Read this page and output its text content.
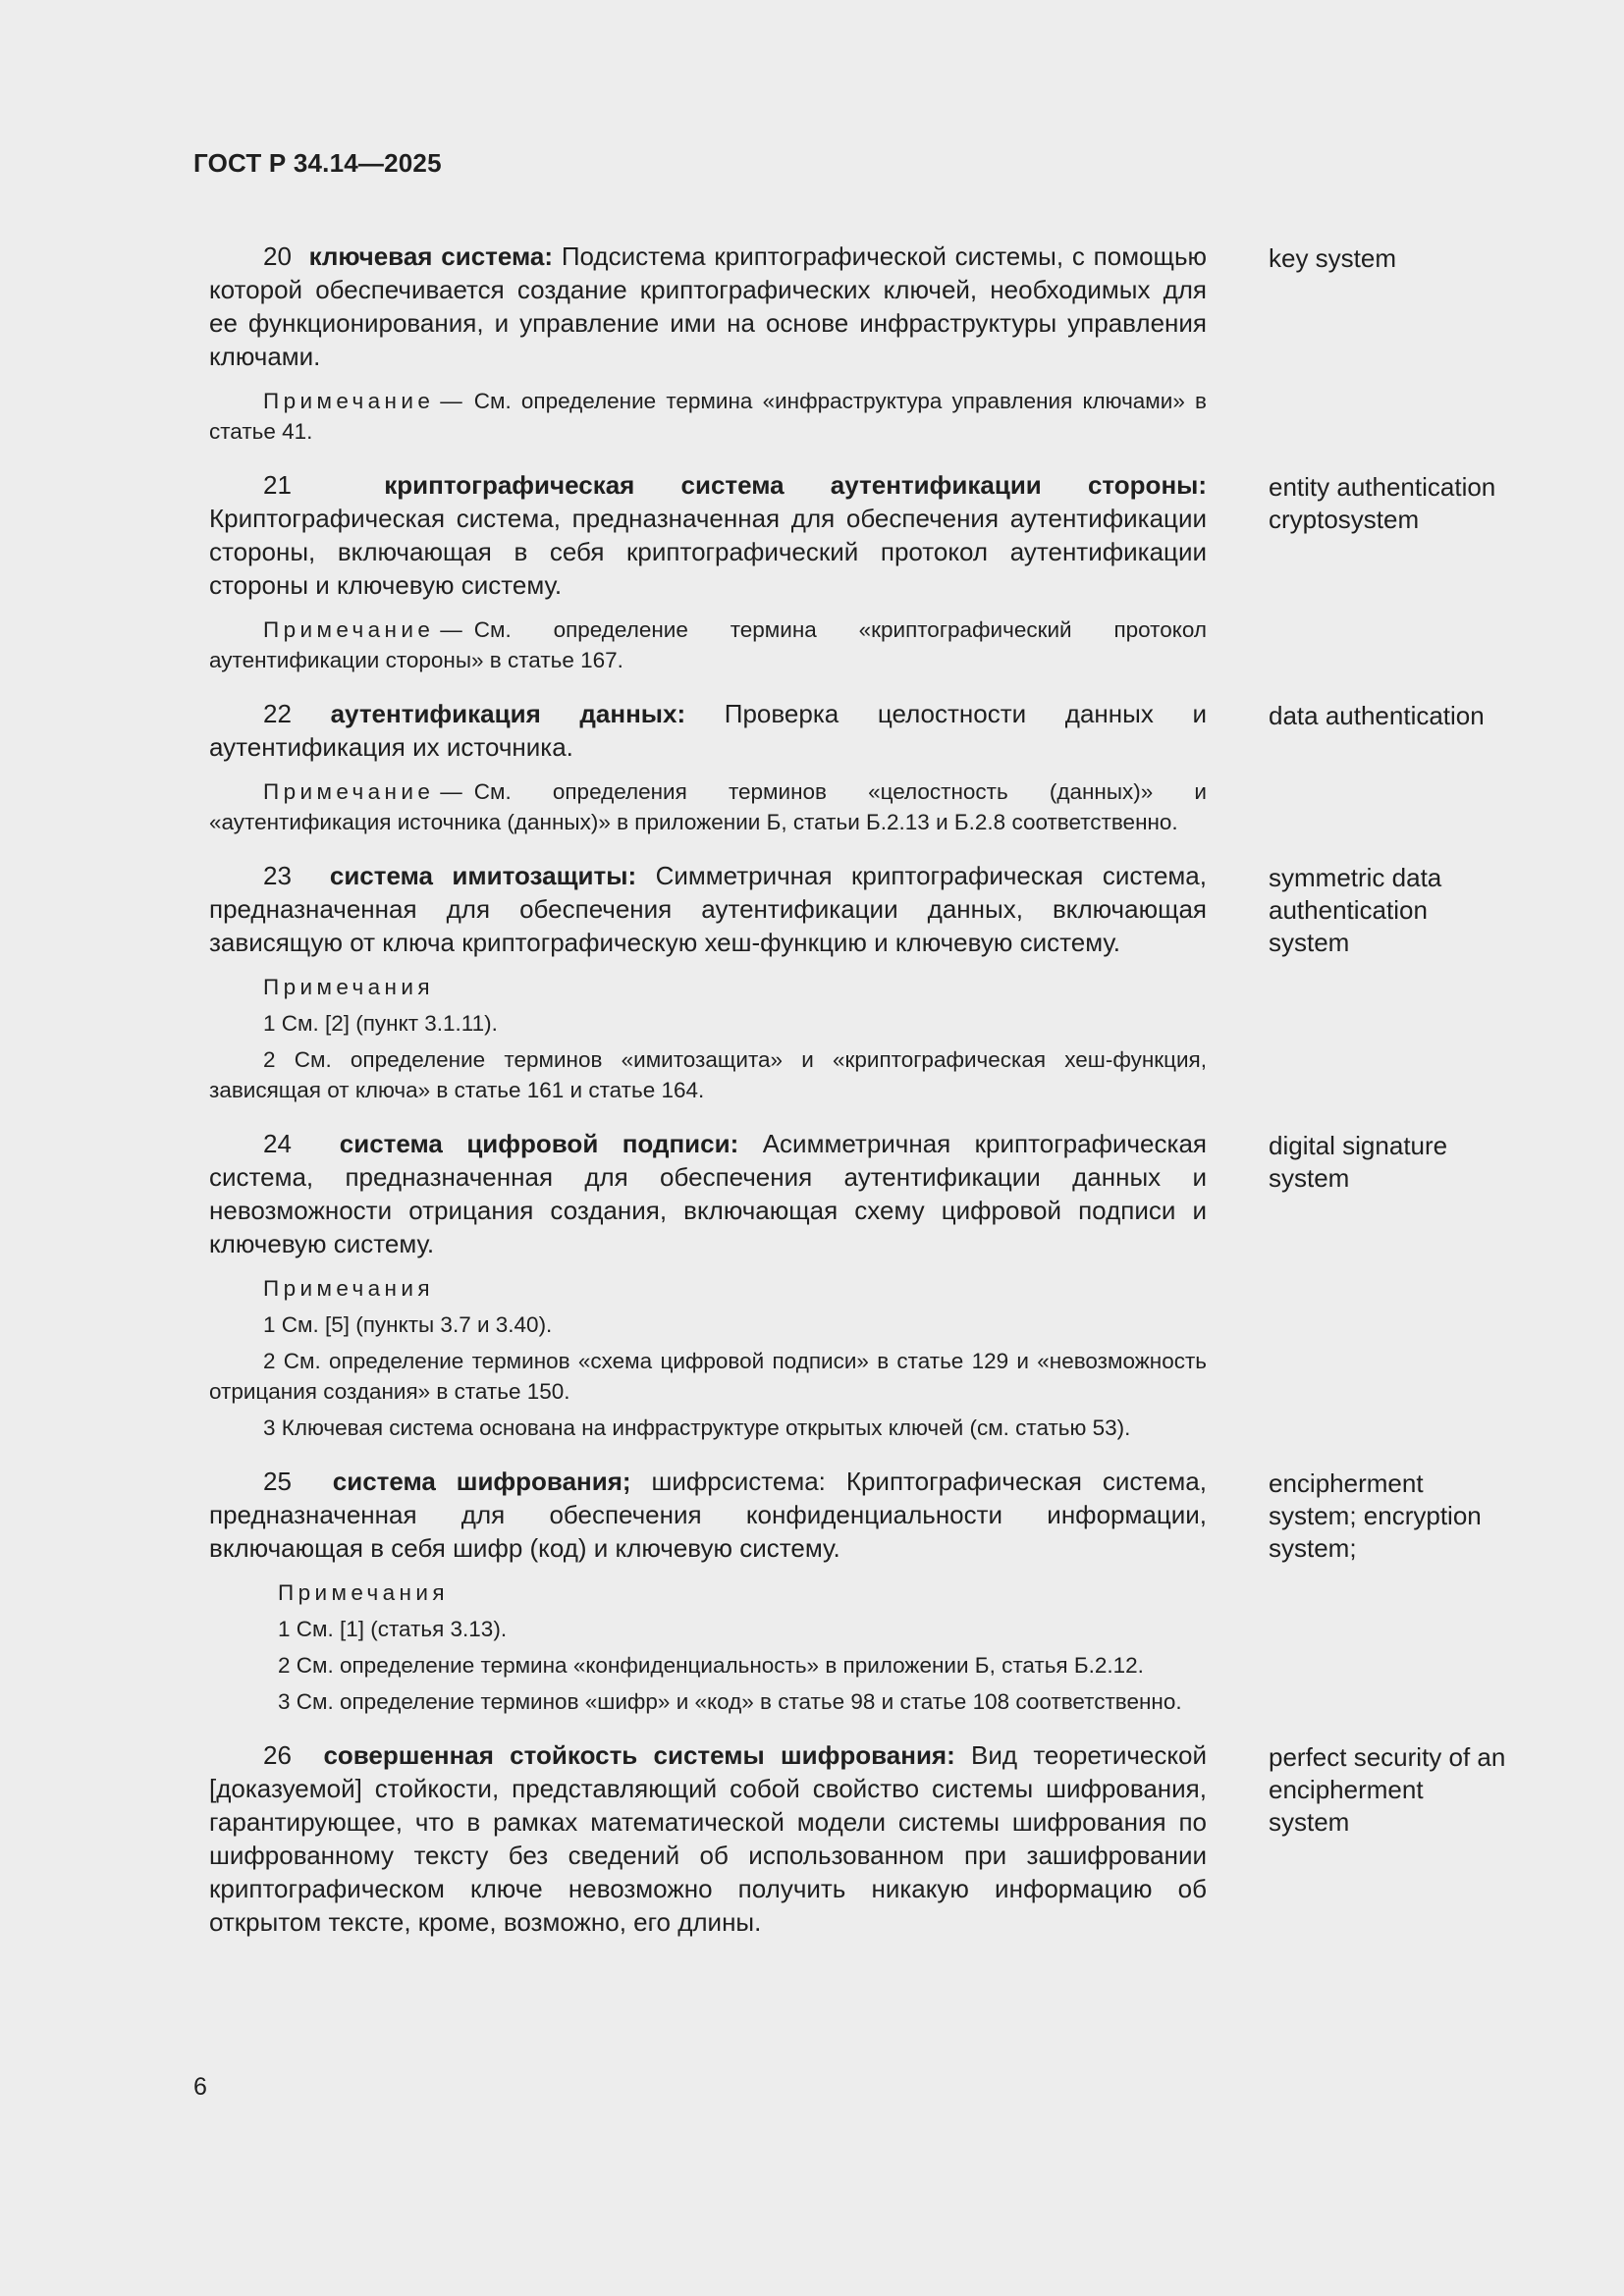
ГОСТ Р 34.14—2025

20 ключевая система: Подсистема криптографической системы, с помощью которой обеспечивается создание криптографических ключей, необходимых для ее функционирования, и управление ими на основе инфраструктуры управления ключами.

Примечание — См. определение термина «инфраструктура управления ключами» в статье 41.

key system

21	криптографическая система аутентификации стороны: Криптографическая система, предназначенная для обеспечения аутентификации стороны, включающая в себя криптографический протокол аутентификации стороны и ключевую систему.

Примечание — См. определение термина «криптографический протокол аутентификации стороны» в статье 167.

entity authentication

cryptosystem

22 аутентификация данных: Проверка целостности данных и аутентификация их источника.

Примечание — См. определения терминов «целостность (данных)» и «аутентификация источника (данных)» в приложении Б, статьи Б.2.13 и Б.2.8 соответственно.

data authentication

23 система имитозащиты: Симметричная криптографическая система, предназначенная для обеспечения аутентификации данных, включающая зависящую от ключа криптографическую хеш-функцию и ключевую систему.

Примечания

1 См. [2] (пункт 3.1.11).

2 См. определение терминов «имитозащита» и «криптографическая хеш-функция, зависящая от ключа» в статье 161 и статье 164.

symmetric data

authentication

system

24 система цифровой подписи: Асимметричная криптографическая система, предназначенная для обеспечения аутентификации данных и невозможности отрицания создания, включающая схему цифровой подписи и ключевую систему.

Примечания

1 См. [5] (пункты 3.7 и 3.40).

2 См. определение терминов «схема цифровой подписи» в статье 129 и «невозможность отрицания создания» в статье 150.

3 Ключевая система основана на инфраструктуре открытых ключей (см. статью 53).

digital signature

system

25 система шифрования; шифрсистема: Криптографическая система, предназначенная для обеспечения конфиденциальности информации, включающая в себя шифр (код) и ключевую систему.

Примечания

1 См. [1] (статья 3.13).

2 См. определение термина «конфиденциальность» в приложении Б, статья Б.2.12.

3 См. определение терминов «шифр» и «код» в статье 98 и статье 108 соответственно.

encipherment

system; encryption

system;

26 совершенная стойкость системы шифрования: Вид теоретической [доказуемой] стойкости, представляющий собой свойство системы шифрования, гарантирующее, что в рамках математической модели системы шифрования по шифрованному тексту без сведений об использованном при зашифровании криптографическом ключе невозможно получить никакую информацию об открытом тексте, кроме, возможно, его длины.

perfect security of an

encipherment

system

6
